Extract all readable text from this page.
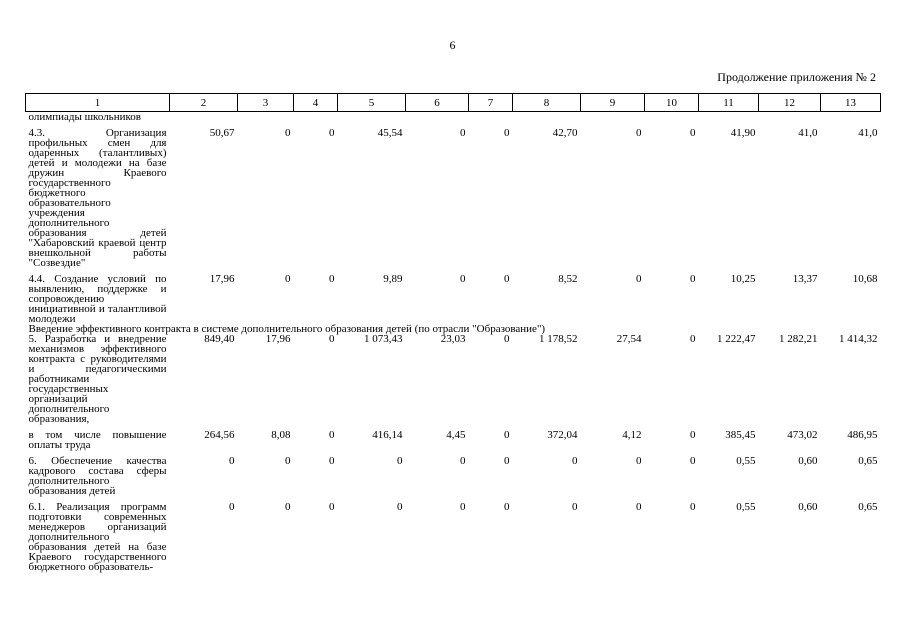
6
Продолжение приложения № 2
1	2	3	4	5	6	7	8	9	10	11	12	13
олимпиады школьников												
4.3. Организация профильных смен для одаренных (талантливых) детей и молодежи на базе дружин Краевого государственного бюджетного образовательного учреждения дополнительного образования детей "Хабаровский краевой центр внешкольной работы "Созвездие"	50,67	0	0	45,54	0	0	42,70	0	0	41,90	41,0	41,0
4.4. Создание условий по выявлению, поддержке и сопровождению инициативной и талантливой молодежи	17,96	0	0	9,89	0	0	8,52	0	0	10,25	13,37	10,68
Введение эффективного контракта в системе дополнительного образования детей (по отрасли "Образование")												
5. Разработка и внедрение механизмов эффективного контракта с руководителями и педагогическими работниками государственных организаций дополнительного образования,	849,40	17,96	0	1 073,43	23,03	0	1 178,52	27,54	0	1 222,47	1 282,21	1 414,32
в том числе повышение оплаты труда	264,56	8,08	0	416,14	4,45	0	372,04	4,12	0	385,45	473,02	486,95
6. Обеспечение качества кадрового состава сферы дополнительного образования детей	0	0	0	0	0	0	0	0	0	0,55	0,60	0,65
6.1. Реализация программ подготовки современных менеджеров организаций дополнительного образования детей на базе Краевого государственного бюджетного образователь-	0	0	0	0	0	0	0	0	0	0,55	0,60	0,65
